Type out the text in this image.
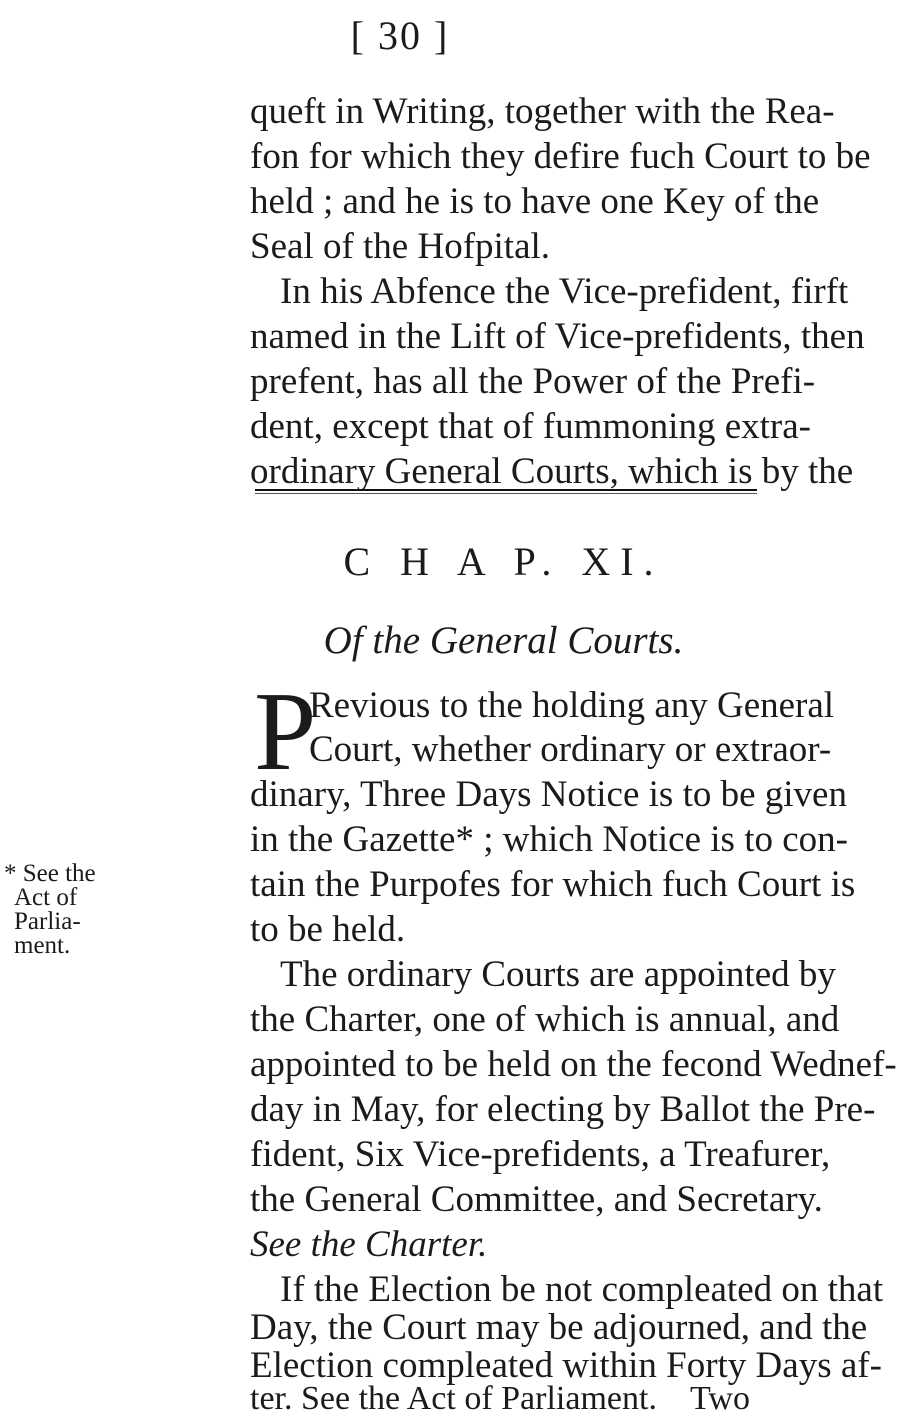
[ 30 ]
queft in Writing, together with the Rea-
fon for which they defire fuch Court to be
held ; and he is to have one Key of the
Seal of the Hofpital.
In his Abfence the Vice-prefident, firft
named in the Lift of Vice-prefidents, then
prefent, has all the Power of the Prefi-
dent, except that of fummoning extra-
ordinary General Courts, which is by the
C H A P. XI.
Of the General Courts.
P
Revious to the holding any General
Court, whether ordinary or extraor-
dinary, Three Days Notice is to be given
in the Gazette* ; which Notice is to con-
tain the Purpofes for which fuch Court is
to be held.
* See the
Act of
Parlia-
ment.
The ordinary Courts are appointed by
the Charter, one of which is annual, and
appointed to be held on the fecond Wednef-
day in May, for electing by Ballot the Pre-
fident, Six Vice-prefidents, a Treafurer,
the General Committee, and Secretary.
See the Charter.
If the Election be not compleated on that
Day, the Court may be adjourned, and the
Election compleated within Forty Days af-
ter. See the Act of Parliament. Two
